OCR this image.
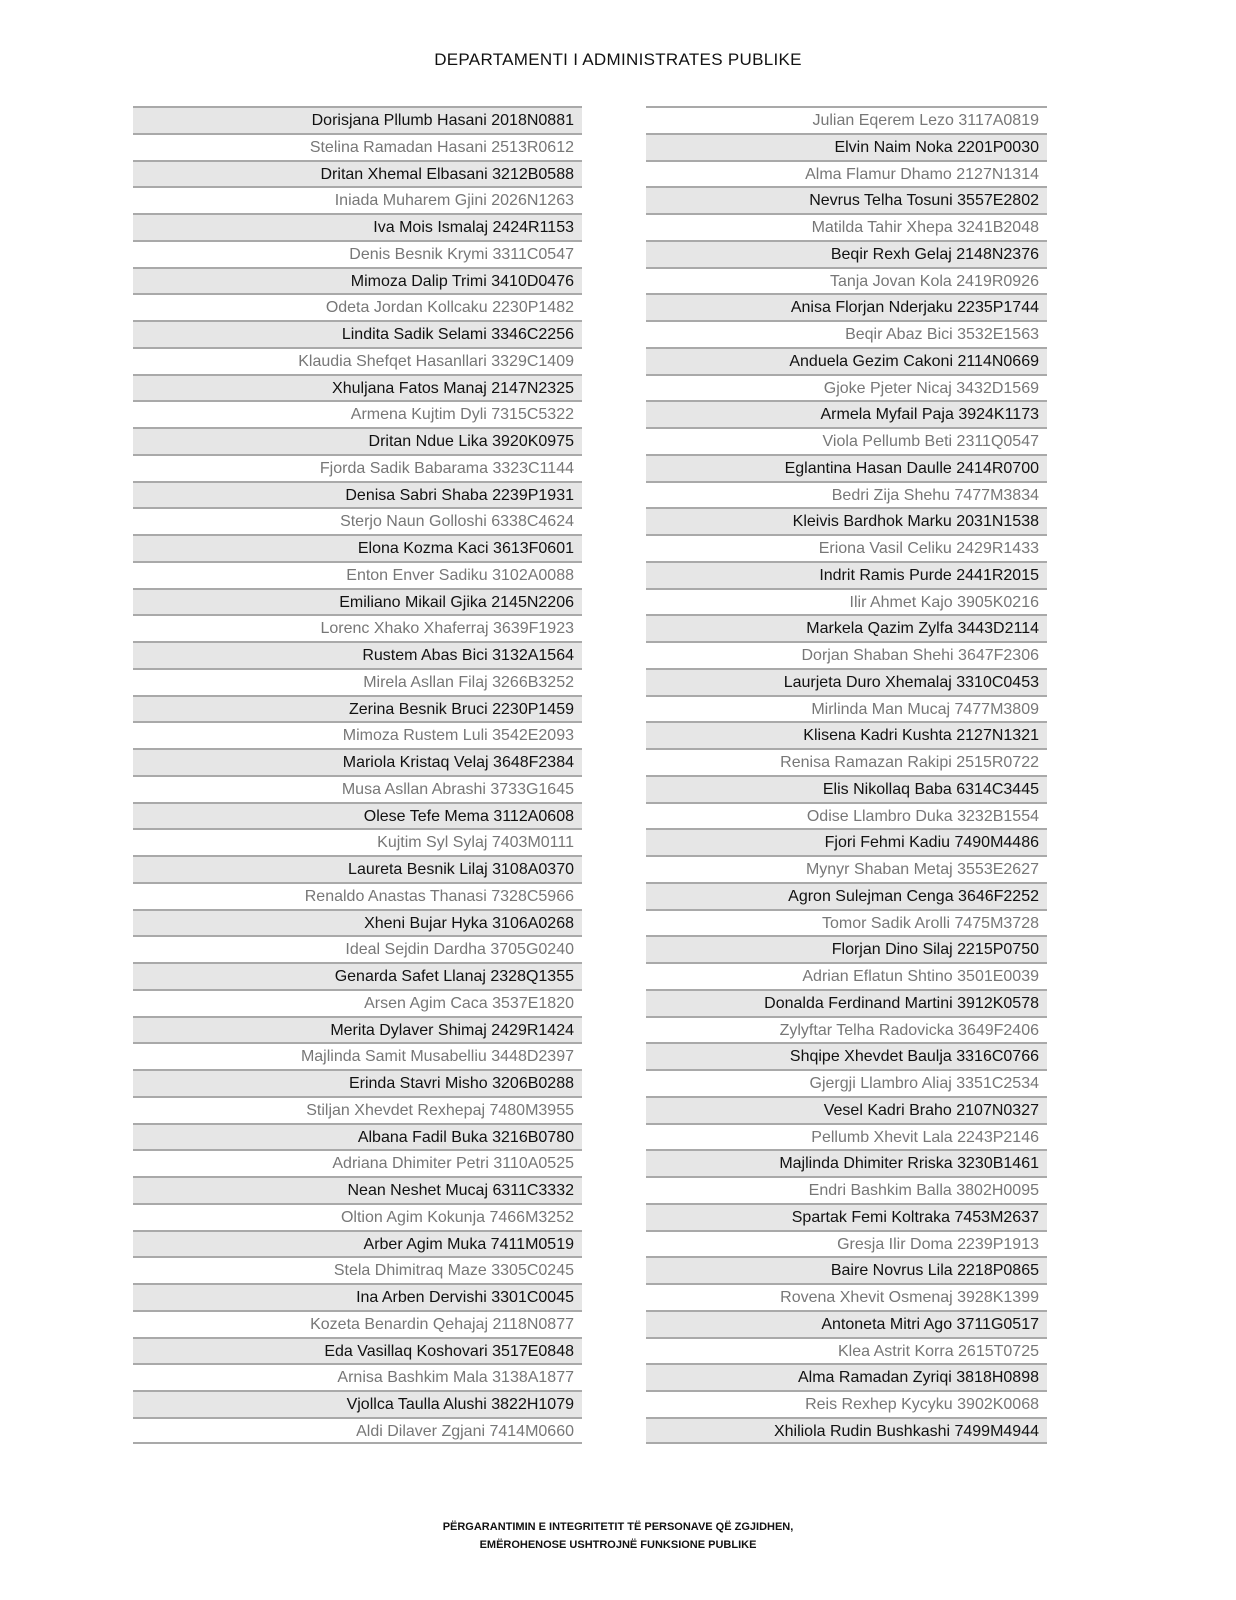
DEPARTAMENTI I ADMINISTRATES PUBLIKE
Dorisjana Pllumb Hasani 2018N0881
Stelina Ramadan Hasani 2513R0612
Dritan Xhemal Elbasani 3212B0588
Iniada Muharem Gjini 2026N1263
Iva Mois Ismalaj 2424R1153
Denis Besnik Krymi 3311C0547
Mimoza Dalip Trimi 3410D0476
Odeta Jordan Kollcaku 2230P1482
Lindita Sadik Selami 3346C2256
Klaudia Shefqet Hasanllari 3329C1409
Xhuljana Fatos Manaj 2147N2325
Armena Kujtim Dyli 7315C5322
Dritan Ndue Lika 3920K0975
Fjorda Sadik Babarama 3323C1144
Denisa Sabri Shaba 2239P1931
Sterjo Naun Golloshi 6338C4624
Elona Kozma Kaci 3613F0601
Enton Enver Sadiku 3102A0088
Emiliano Mikail Gjika 2145N2206
Lorenc Xhako Xhaferraj 3639F1923
Rustem Abas Bici 3132A1564
Mirela Asllan Filaj 3266B3252
Zerina Besnik Bruci 2230P1459
Mimoza Rustem Luli 3542E2093
Mariola Kristaq Velaj 3648F2384
Musa Asllan Abrashi 3733G1645
Olese Tefe Mema 3112A0608
Kujtim Syl Sylaj 7403M0111
Laureta Besnik Lilaj 3108A0370
Renaldo Anastas Thanasi 7328C5966
Xheni Bujar Hyka 3106A0268
Ideal Sejdin Dardha 3705G0240
Genarda Safet Llanaj 2328Q1355
Arsen Agim Caca 3537E1820
Merita Dylaver Shimaj 2429R1424
Majlinda Samit Musabelliu 3448D2397
Erinda Stavri Misho 3206B0288
Stiljan Xhevdet Rexhepaj 7480M3955
Albana Fadil Buka 3216B0780
Adriana Dhimiter Petri 3110A0525
Nean Neshet Mucaj 6311C3332
Oltion Agim Kokunja 7466M3252
Arber Agim Muka 7411M0519
Stela Dhimitraq Maze 3305C0245
Ina Arben Dervishi 3301C0045
Kozeta Benardin Qehajaj 2118N0877
Eda Vasillaq Koshovari 3517E0848
Arnisa Bashkim Mala 3138A1877
Vjollca Taulla Alushi 3822H1079
Aldi Dilaver Zgjani 7414M0660
Julian Eqerem Lezo 3117A0819
Elvin Naim Noka 2201P0030
Alma Flamur Dhamo 2127N1314
Nevrus Telha Tosuni 3557E2802
Matilda Tahir Xhepa 3241B2048
Beqir Rexh Gelaj 2148N2376
Tanja Jovan Kola 2419R0926
Anisa Florjan Nderjaku 2235P1744
Beqir Abaz Bici 3532E1563
Anduela Gezim Cakoni 2114N0669
Gjoke Pjeter Nicaj 3432D1569
Armela Myfail Paja 3924K1173
Viola Pellumb Beti 2311Q0547
Eglantina Hasan Daulle 2414R0700
Bedri Zija Shehu 7477M3834
Kleivis Bardhok Marku 2031N1538
Eriona Vasil Celiku 2429R1433
Indrit Ramis Purde 2441R2015
Ilir Ahmet Kajo 3905K0216
Markela Qazim Zylfa 3443D2114
Dorjan Shaban Shehi 3647F2306
Laurjeta Duro Xhemalaj 3310C0453
Mirlinda Man Mucaj 7477M3809
Klisena Kadri Kushta 2127N1321
Renisa Ramazan Rakipi 2515R0722
Elis Nikollaq Baba 6314C3445
Odise Llambro Duka 3232B1554
Fjori Fehmi Kadiu 7490M4486
Mynyr Shaban Metaj 3553E2627
Agron Sulejman Cenga 3646F2252
Tomor Sadik Arolli 7475M3728
Florjan Dino Silaj 2215P0750
Adrian Eflatun Shtino 3501E0039
Donalda Ferdinand Martini 3912K0578
Zylyftar Telha Radovicka 3649F2406
Shqipe Xhevdet Baulja 3316C0766
Gjergji Llambro Aliaj 3351C2534
Vesel Kadri Braho 2107N0327
Pellumb Xhevit Lala 2243P2146
Majlinda Dhimiter Rriska 3230B1461
Endri Bashkim Balla 3802H0095
Spartak Femi Koltraka 7453M2637
Gresja Ilir Doma 2239P1913
Baire Novrus Lila 2218P0865
Rovena Xhevit Osmenaj 3928K1399
Antoneta Mitri Ago 3711G0517
Klea Astrit Korra 2615T0725
Alma Ramadan Zyriqi 3818H0898
Reis Rexhep Kycyku 3902K0068
Xhiliola Rudin Bushkashi 7499M4944
PËRGARANTIMIN E INTEGRITETIT TË PERSONAVE QË ZGJIDHEN,
EMËROHENOSE USHTROJNË FUNKSIONE PUBLIKE
